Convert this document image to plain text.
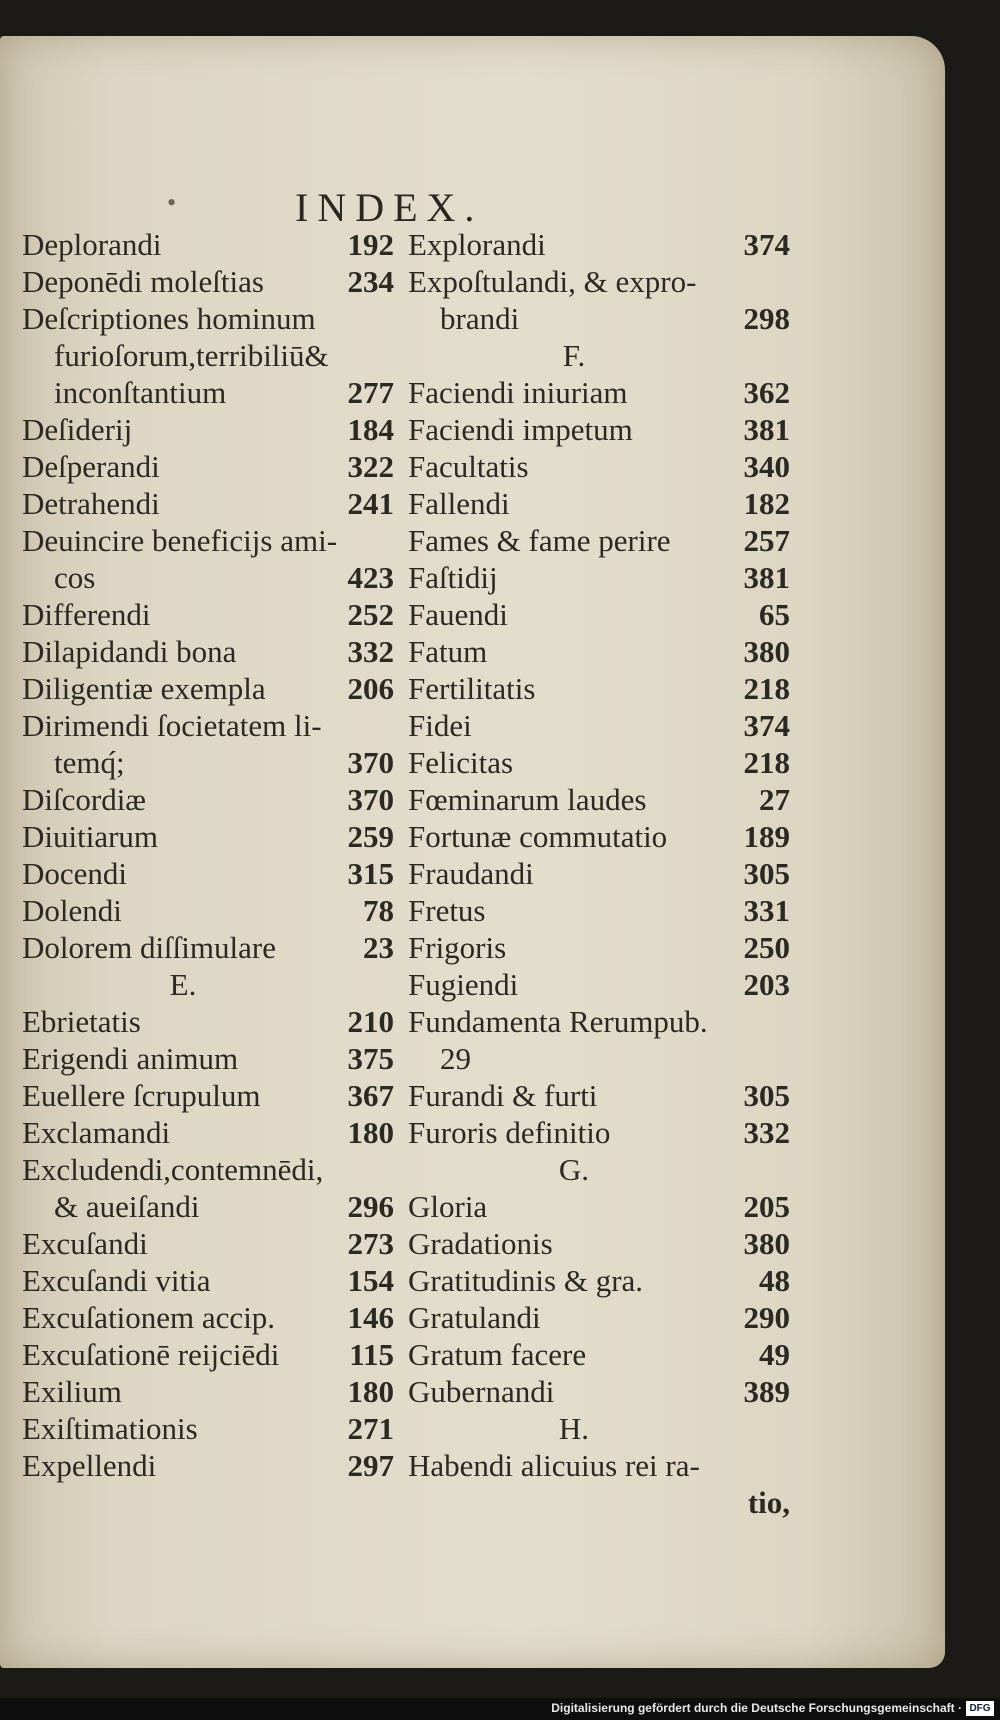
•	INDEX.
Deplorandi	192
Deponēdi moleſtias	234
Deſcriptiones hominum
furioſorum,terribiliū&
inconſtantium	277
Deſiderij	184
Deſperandi	322
Detrahendi	241
Deuincire beneficijs ami-
cos	423
Differendi	252
Dilapidandi bona	332
Diligentiæ exempla	206
Dirimendi ſocietatem li-
temq́;	370
Diſcordiæ	370
Diuitiarum	259
Docendi	315
Dolendi	78
Dolorem diſſimulare	23
E.
Ebrietatis	210
Erigendi animum	375
Euellere ſcrupulum	367
Exclamandi	180
Excludendi,contemnēdi,
& aueiſandi	296
Excuſandi	273
Excuſandi vitia	154
Excuſationem accip. 146
Excuſationē reijciēdi 115
Exilium	180
Exiſtimationis	271
Expellendi	297
Explorandi	374
Expoſtulandi, & expro-
brandi	298
F.
Faciendi iniuriam	362
Faciendi impetum	381
Facultatis	340
Fallendi	182
Fames & fame perire 257
Faſtidij	381
Fauendi	65
Fatum	380
Fertilitatis	218
Fidei	374
Felicitas	218
Fœminarum laudes	27
Fortunæ commutatio 189
Fraudandi	305
Fretus	331
Frigoris	250
Fugiendi	203
Fundamenta Rerumpub.
29
Furandi & furti	305
Furoris definitio	332
G.
Gloria	205
Gradationis	380
Gratitudinis & gra.	48
Gratulandi	290
Gratum facere	49
Gubernandi	389
H.
Habendi alicuius rei ra-
tio,
Digitalisierung gefördert durch die Deutsche Forschungsgemeinschaft · DFG
